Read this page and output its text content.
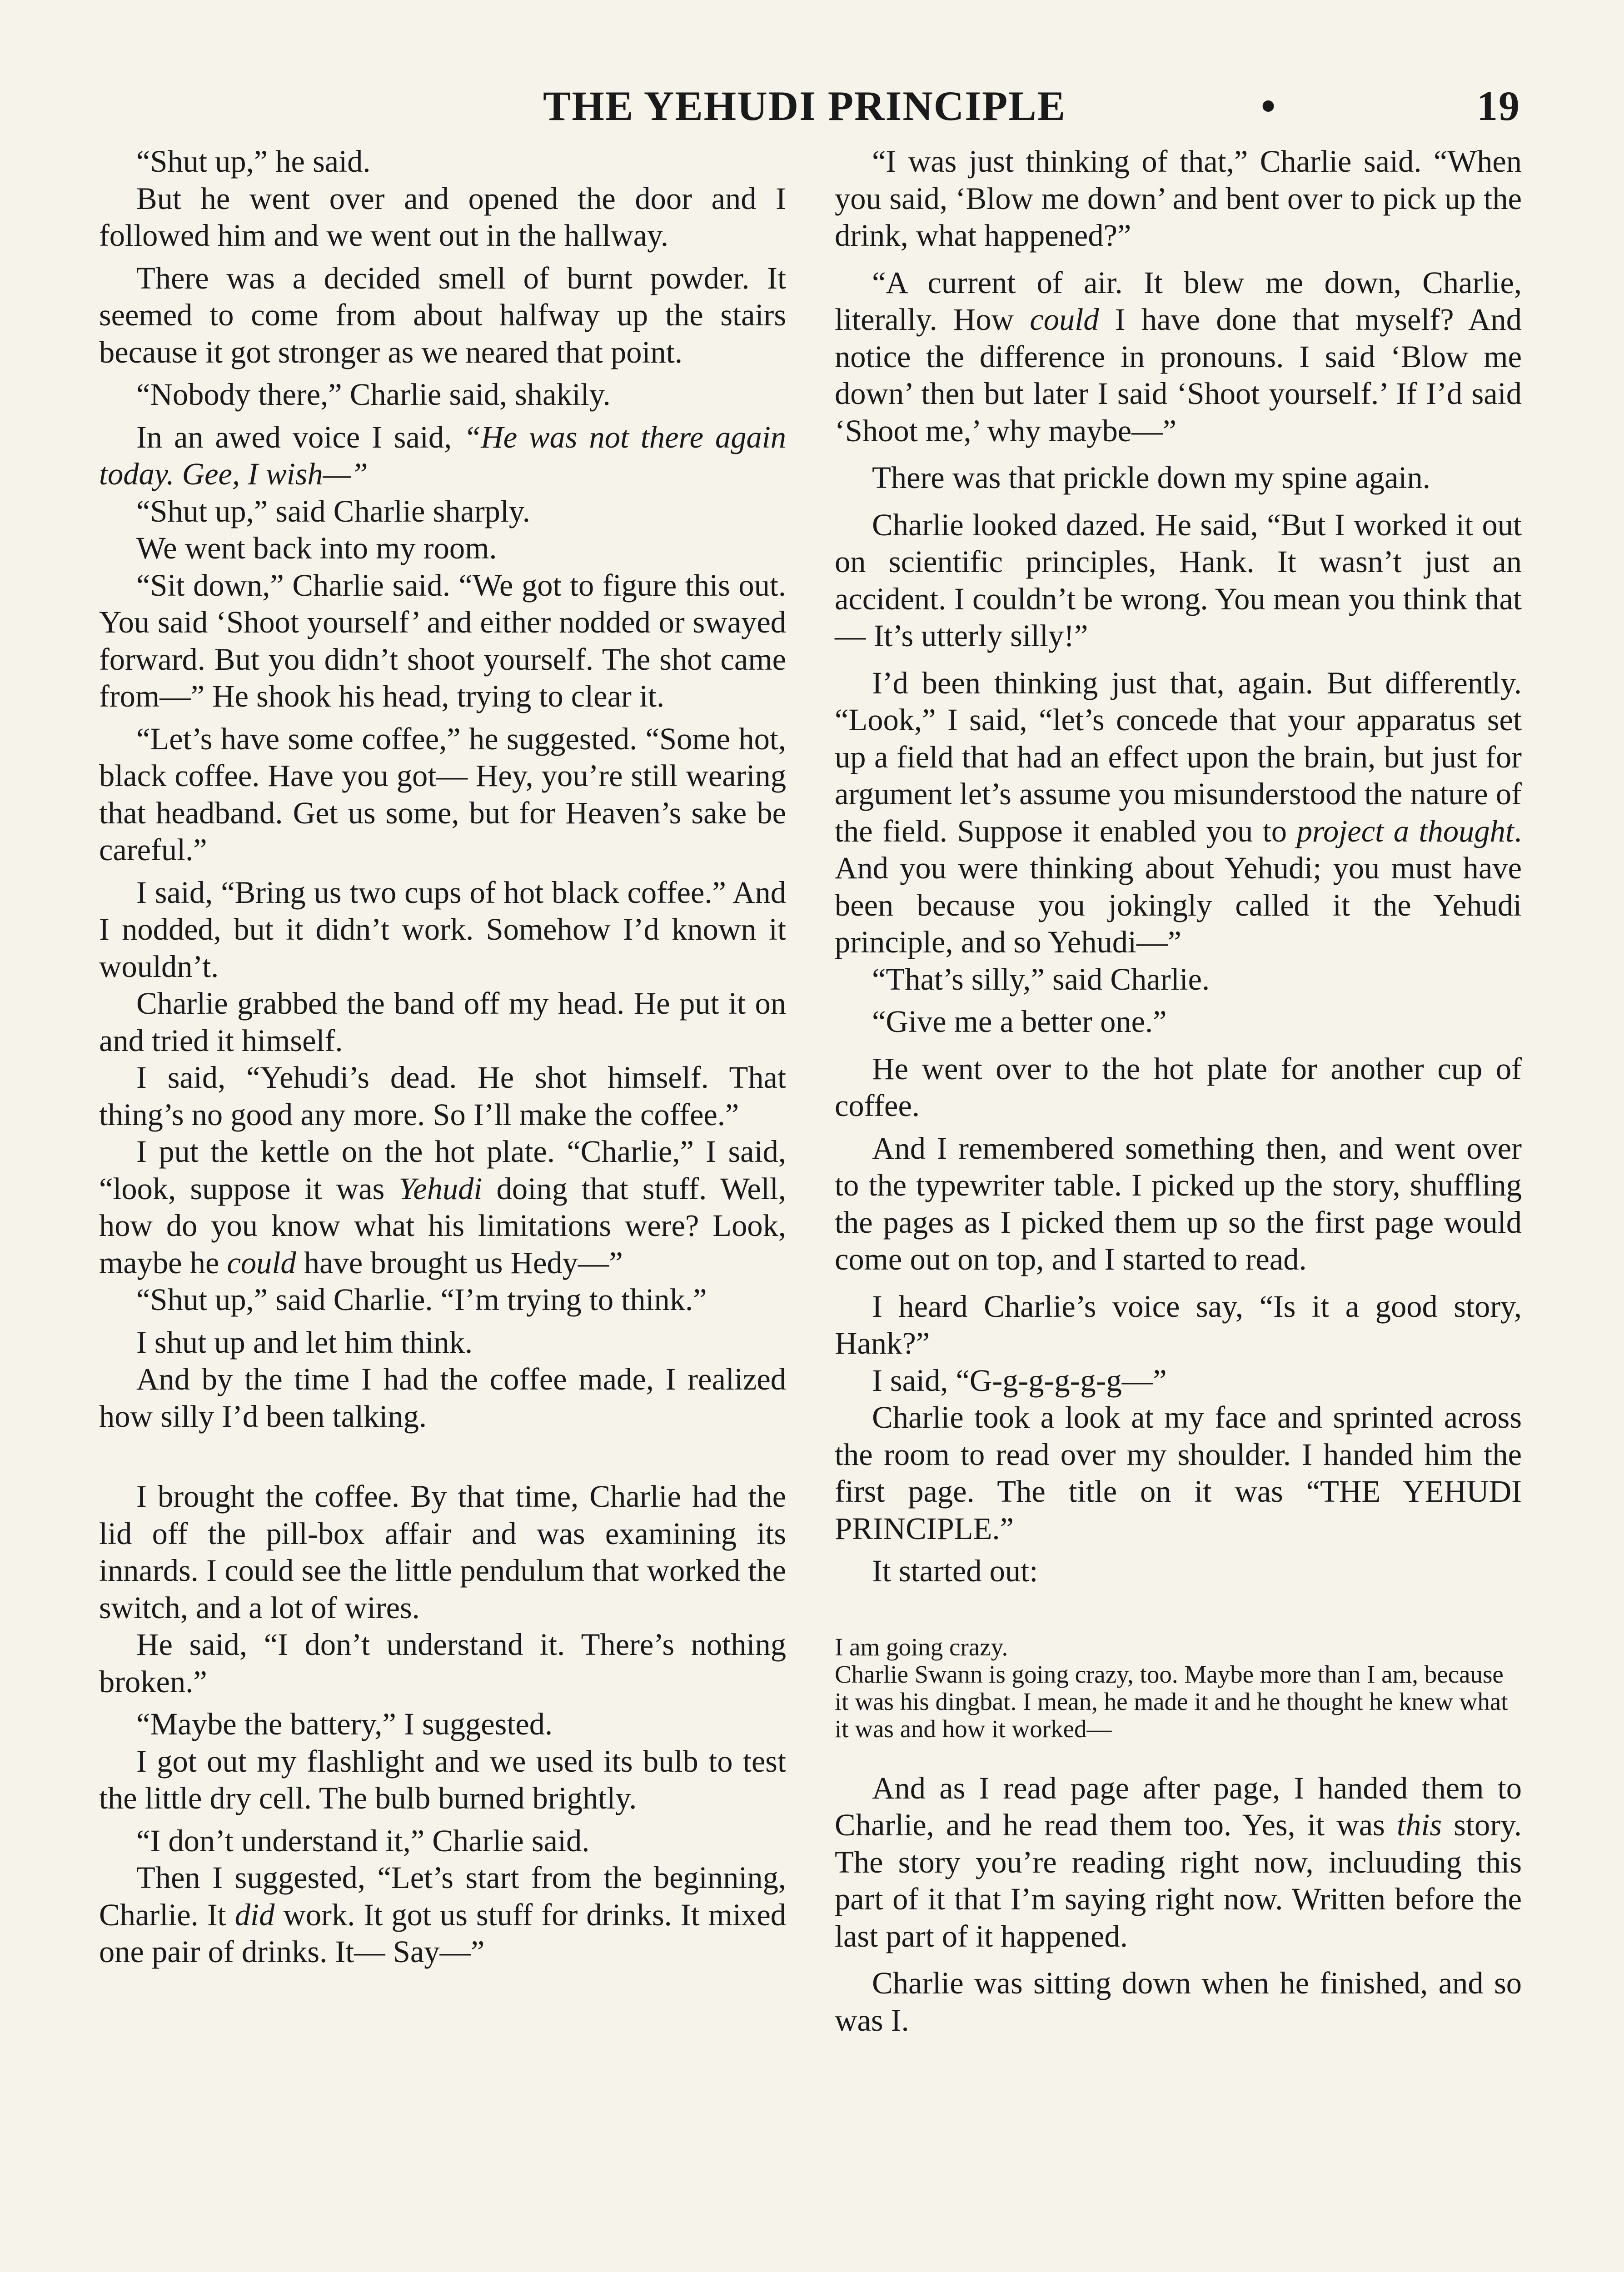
THE YEHUDI PRINCIPLE	•	19

“Shut up,” he said.

But he went over and opened the door and I followed him and we went out in the hallway.

There was a decided smell of burnt powder. It seemed to come from about halfway up the stairs because it got stronger as we neared that point.

“Nobody there,” Charlie said, shakily.

In an awed voice I said, “He was not there again today. Gee, I wish—”

“Shut up,” said Charlie sharply.

We went back into my room.

“Sit down,” Charlie said. “We got to figure this out. You said ‘Shoot yourself’ and either nodded or swayed forward. But you didn’t shoot yourself. The shot came from—” He shook his head, trying to clear it.

“Let’s have some coffee,” he suggested. “Some hot, black coffee. Have you got— Hey, you’re still wearing that headband. Get us some, but for Heaven’s sake be careful.”

I said, “Bring us two cups of hot black coffee.” And I nodded, but it didn’t work. Somehow I’d known it wouldn’t.

Charlie grabbed the band off my head. He put it on and tried it himself.

I said, “Yehudi’s dead. He shot himself. That thing’s no good any more. So I’ll make the coffee.”

I put the kettle on the hot plate. “Charlie,” I said, “look, suppose it was Yehudi doing that stuff. Well, how do you know what his limitations were? Look, maybe he could have brought us Hedy—”

“Shut up,” said Charlie. “I’m trying to think.”

I shut up and let him think.

And by the time I had the coffee made, I realized how silly I’d been talking.

I brought the coffee. By that time, Charlie had the lid off the pill-box affair and was examining its innards. I could see the little pendulum that worked the switch, and a lot of wires.

He said, “I don’t understand it. There’s nothing broken.”

“Maybe the battery,” I suggested.

I got out my flashlight and we used its bulb to test the little dry cell. The bulb burned brightly.

“I don’t understand it,” Charlie said.

Then I suggested, “Let’s start from the beginning, Charlie. It did work. It got us stuff for drinks. It mixed one pair of drinks. It— Say—”

“I was just thinking of that,” Charlie said. “When you said, ‘Blow me down’ and bent over to pick up the drink, what happened?”

“A current of air. It blew me down, Charlie, literally. How could I have done that myself? And notice the difference in pronouns. I said ‘Blow me down’ then but later I said ‘Shoot yourself.’ If I’d said ‘Shoot me,’ why maybe—”

There was that prickle down my spine again.

Charlie looked dazed. He said, “But I worked it out on scientific principles, Hank. It wasn’t just an accident. I couldn’t be wrong. You mean you think that— It’s utterly silly!”

I’d been thinking just that, again. But differently. “Look,” I said, “let’s concede that your apparatus set up a field that had an effect upon the brain, but just for argument let’s assume you misunderstood the nature of the field. Suppose it enabled you to project a thought. And you were thinking about Yehudi; you must have been because you jokingly called it the Yehudi principle, and so Yehudi—”

“That’s silly,” said Charlie.

“Give me a better one.”

He went over to the hot plate for another cup of coffee.

And I remembered something then, and went over to the typewriter table. I picked up the story, shuffling the pages as I picked them up so the first page would come out on top, and I started to read.

I heard Charlie’s voice say, “Is it a good story, Hank?”

I said, “G-g-g-g-g-g—”

Charlie took a look at my face and sprinted across the room to read over my shoulder. I handed him the first page. The title on it was “THE YEHUDI PRINCIPLE.”

It started out:

I am going crazy.

Charlie Swann is going crazy, too. Maybe more than I am, because it was his dingbat. I mean, he made it and he thought he knew what it was and how it worked—

And as I read page after page, I handed them to Charlie, and he read them too. Yes, it was this story. The story you’re reading right now, incluuding this part of it that I’m saying right now. Written before the last part of it happened.

Charlie was sitting down when he finished, and so was I.
